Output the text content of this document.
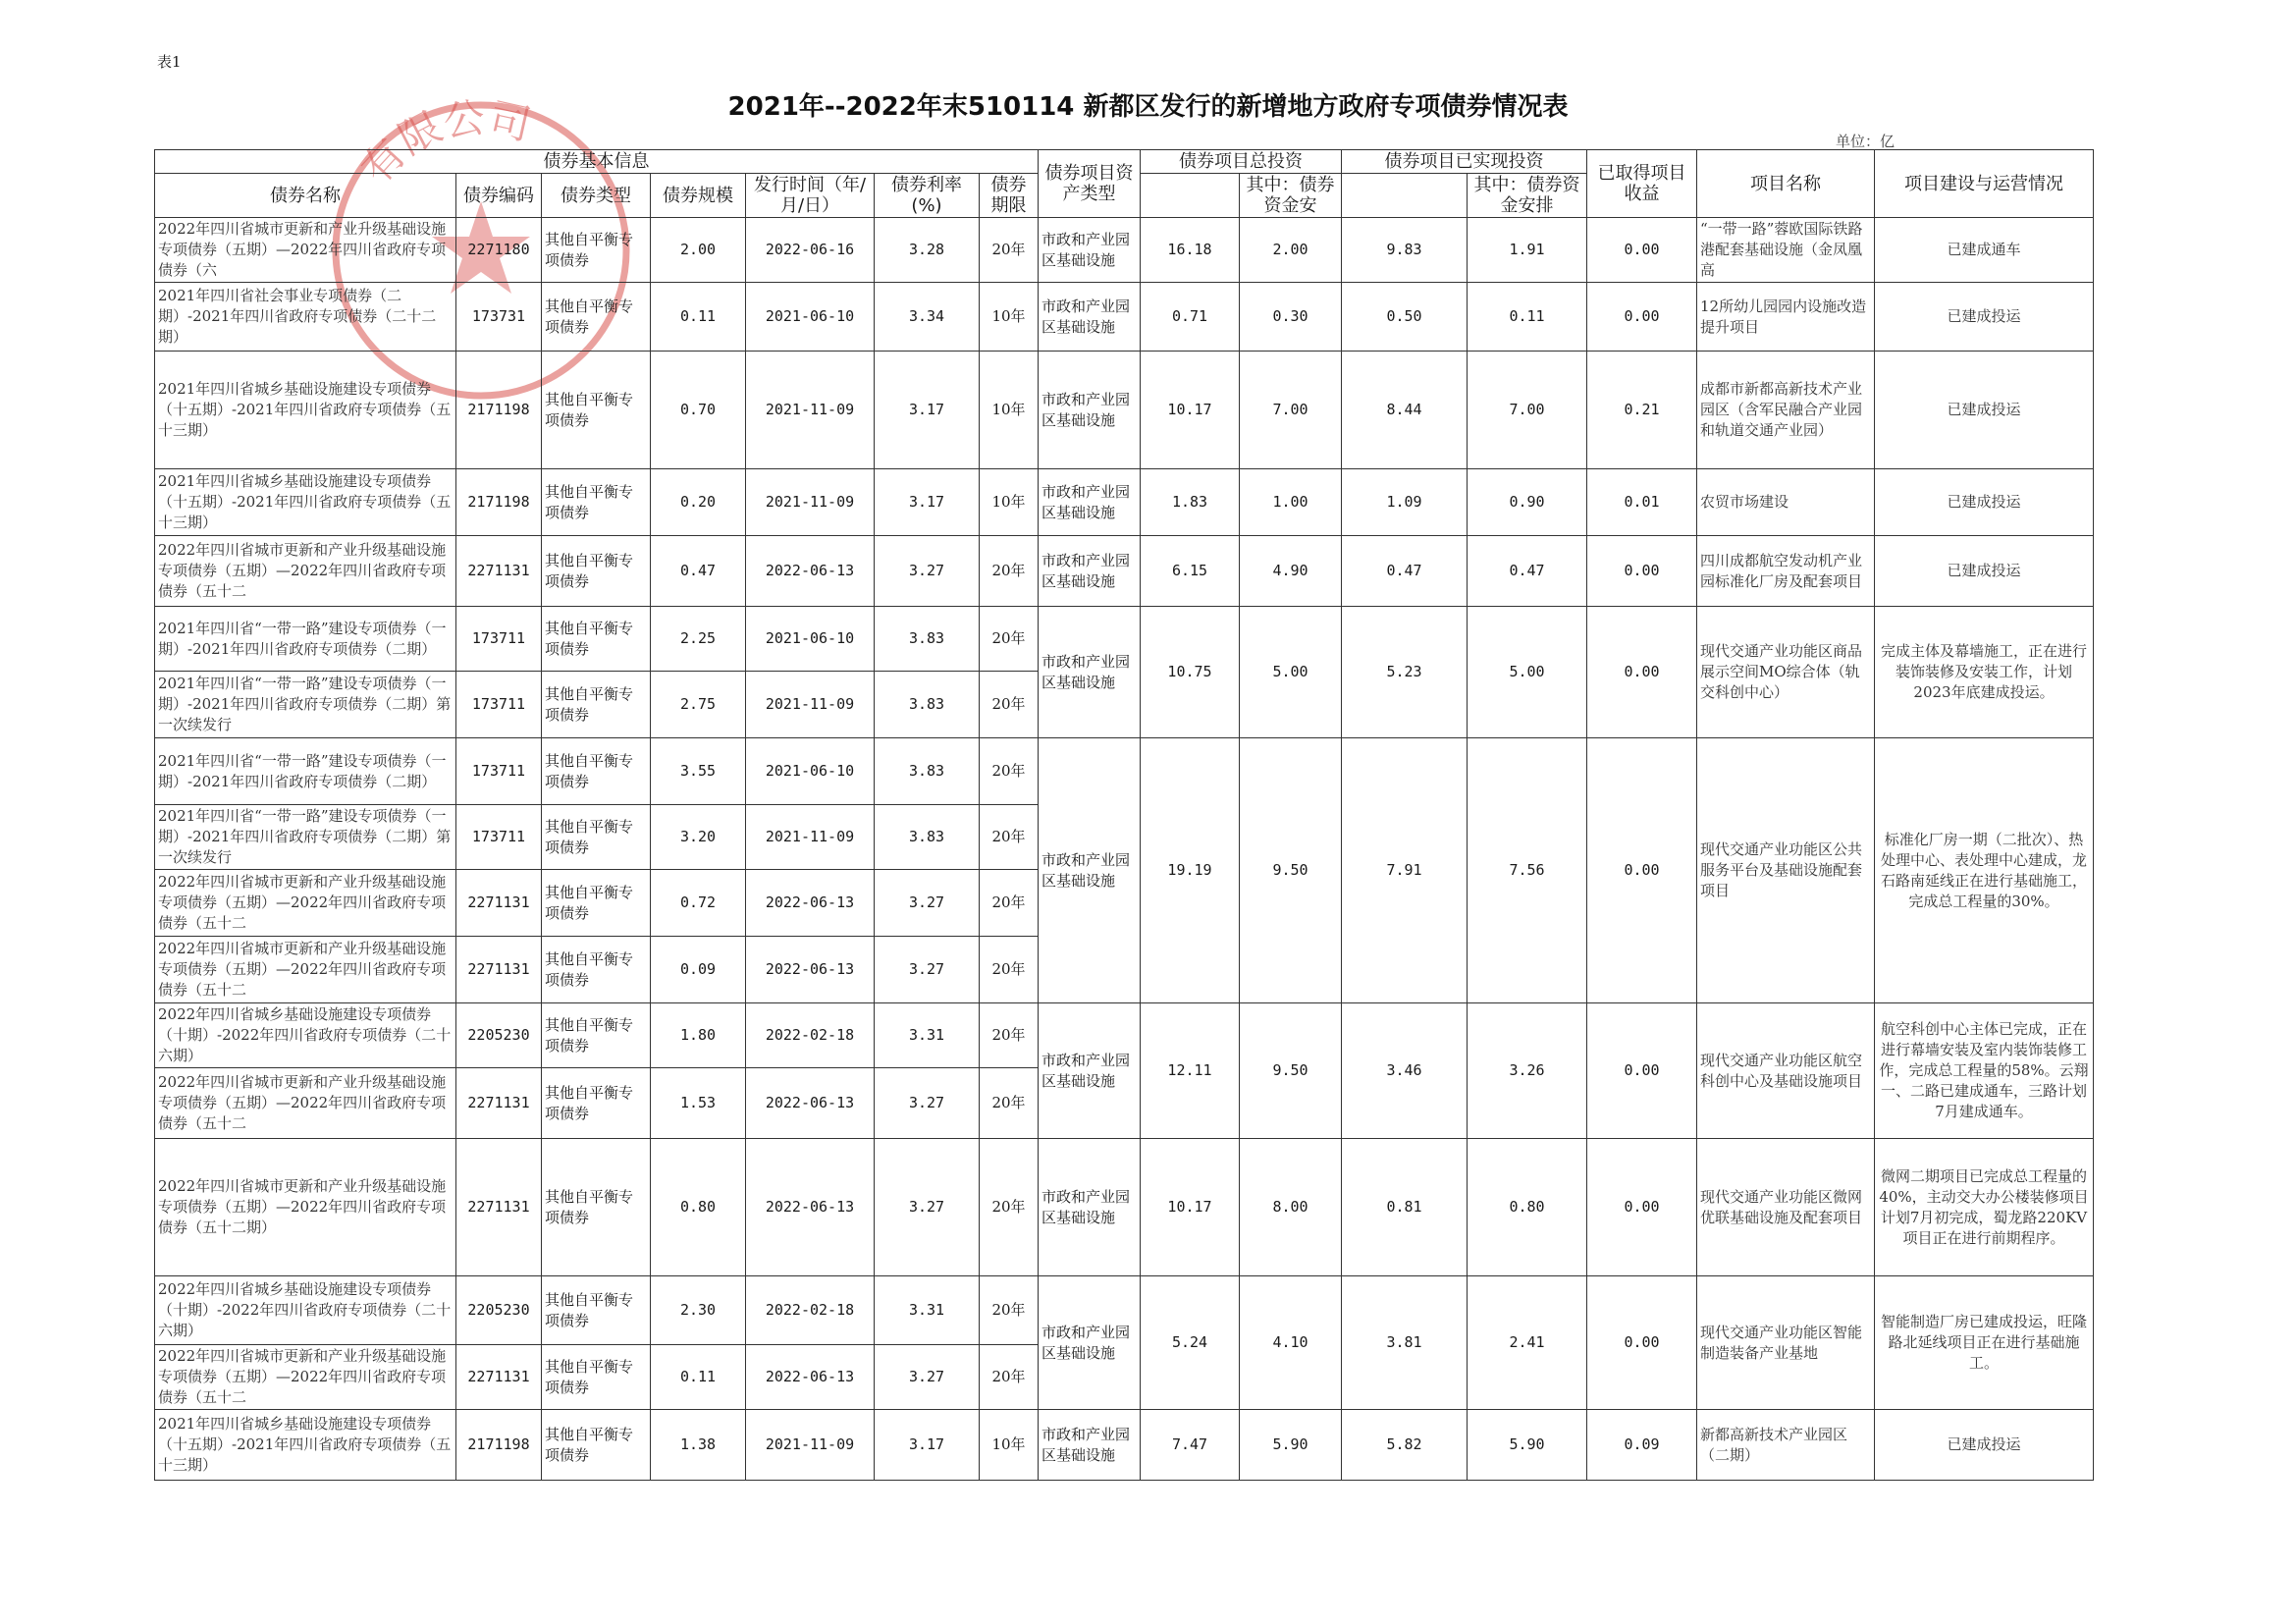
表1
有限公司	2021年--2022年末510114 新都区发行的新增地方政府专项债券情况表
单位：亿
债券基本信息							债券项目资产类型	债券项目总投资		债券项目已实现投资		已取得项目收益	项目名称	项目建设与运营情况
债券名称	债券编码	债券类型	债券规模	发行时间（年/月/日）	债券利率(%)	债券期限			其中：债券资金安		其中：债券资金安排			
2022年四川省城市更新和产业升级基础设施专项债券（五期）—2022年四川省政府专项债券（六	2271180	其他自平衡专项债券	2.00	2022-06-16	3.28	20年	市政和产业园区基础设施	16.18	2.00	9.83	1.91	0.00	“一带一路”蓉欧国际铁路港配套基础设施（金凤凰高	已建成通车
2021年四川省社会事业专项债券（二期）-2021年四川省政府专项债券（二十二期）	173731	其他自平衡专项债券	0.11	2021-06-10	3.34	10年	市政和产业园区基础设施	0.71	0.30	0.50	0.11	0.00	12所幼儿园园内设施改造提升项目	已建成投运
2021年四川省城乡基础设施建设专项债券（十五期）-2021年四川省政府专项债券（五十三期）	2171198	其他自平衡专项债券	0.70	2021-11-09	3.17	10年	市政和产业园区基础设施	10.17	7.00	8.44	7.00	0.21	成都市新都高新技术产业园区（含军民融合产业园和轨道交通产业园）	已建成投运
2021年四川省城乡基础设施建设专项债券（十五期）-2021年四川省政府专项债券（五十三期）	2171198	其他自平衡专项债券	0.20	2021-11-09	3.17	10年	市政和产业园区基础设施	1.83	1.00	1.09	0.90	0.01	农贸市场建设	已建成投运
2022年四川省城市更新和产业升级基础设施专项债券（五期）—2022年四川省政府专项债券（五十二	2271131	其他自平衡专项债券	0.47	2022-06-13	3.27	20年	市政和产业园区基础设施	6.15	4.90	0.47	0.47	0.00	四川成都航空发动机产业园标准化厂房及配套项目	已建成投运
2021年四川省“一带一路”建设专项债券（一期）-2021年四川省政府专项债券（二期）	173711	其他自平衡专项债券	2.25	2021-06-10	3.83	20年	市政和产业园区基础设施	10.75	5.00	5.23	5.00	0.00	现代交通产业功能区商品展示空间MO综合体（轨交科创中心）	完成主体及幕墙施工，正在进行装饰装修及安装工作，计划2023年底建成投运。
2021年四川省“一带一路”建设专项债券（一期）-2021年四川省政府专项债券（二期）第一次续发行	173711	其他自平衡专项债券	2.75	2021-11-09	3.83	20年								
2021年四川省“一带一路”建设专项债券（一期）-2021年四川省政府专项债券（二期）	173711	其他自平衡专项债券	3.55	2021-06-10	3.83	20年	市政和产业园区基础设施	19.19	9.50	7.91	7.56	0.00	现代交通产业功能区公共服务平台及基础设施配套项目	标准化厂房一期（二批次）、热处理中心、表处理中心建成，龙石路南延线正在进行基础施工，完成总工程量的30%。
2021年四川省“一带一路”建设专项债券（一期）-2021年四川省政府专项债券（二期）第一次续发行	173711	其他自平衡专项债券	3.20	2021-11-09	3.83	20年								
2022年四川省城市更新和产业升级基础设施专项债券（五期）—2022年四川省政府专项债券（五十二	2271131	其他自平衡专项债券	0.72	2022-06-13	3.27	20年								
2022年四川省城市更新和产业升级基础设施专项债券（五期）—2022年四川省政府专项债券（五十二	2271131	其他自平衡专项债券	0.09	2022-06-13	3.27	20年								
2022年四川省城乡基础设施建设专项债券（十期）-2022年四川省政府专项债券（二十六期）	2205230	其他自平衡专项债券	1.80	2022-02-18	3.31	20年	市政和产业园区基础设施	12.11	9.50	3.46	3.26	0.00	现代交通产业功能区航空科创中心及基础设施项目	航空科创中心主体已完成，正在进行幕墙安装及室内装饰装修工作，完成总工程量的58%。云翔一、二路已建成通车，三路计划7月建成通车。
2022年四川省城市更新和产业升级基础设施专项债券（五期）—2022年四川省政府专项债券（五十二	2271131	其他自平衡专项债券	1.53	2022-06-13	3.27	20年								
2022年四川省城市更新和产业升级基础设施专项债券（五期）—2022年四川省政府专项债券（五十二期）	2271131	其他自平衡专项债券	0.80	2022-06-13	3.27	20年	市政和产业园区基础设施	10.17	8.00	0.81	0.80	0.00	现代交通产业功能区微网优联基础设施及配套项目	微网二期项目已完成总工程量的40%，主动交大办公楼装修项目计划7月初完成，蜀龙路220KV项目正在进行前期程序。
2022年四川省城乡基础设施建设专项债券（十期）-2022年四川省政府专项债券（二十六期）	2205230	其他自平衡专项债券	2.30	2022-02-18	3.31	20年	市政和产业园区基础设施	5.24	4.10	3.81	2.41	0.00	现代交通产业功能区智能制造装备产业基地	智能制造厂房已建成投运，旺隆路北延线项目正在进行基础施工。
2022年四川省城市更新和产业升级基础设施专项债券（五期）—2022年四川省政府专项债券（五十二	2271131	其他自平衡专项债券	0.11	2022-06-13	3.27	20年								
2021年四川省城乡基础设施建设专项债券（十五期）-2021年四川省政府专项债券（五十三期）	2171198	其他自平衡专项债券	1.38	2021-11-09	3.17	10年	市政和产业园区基础设施	7.47	5.90	5.82	5.90	0.09	新都高新技术产业园区（二期）	已建成投运
